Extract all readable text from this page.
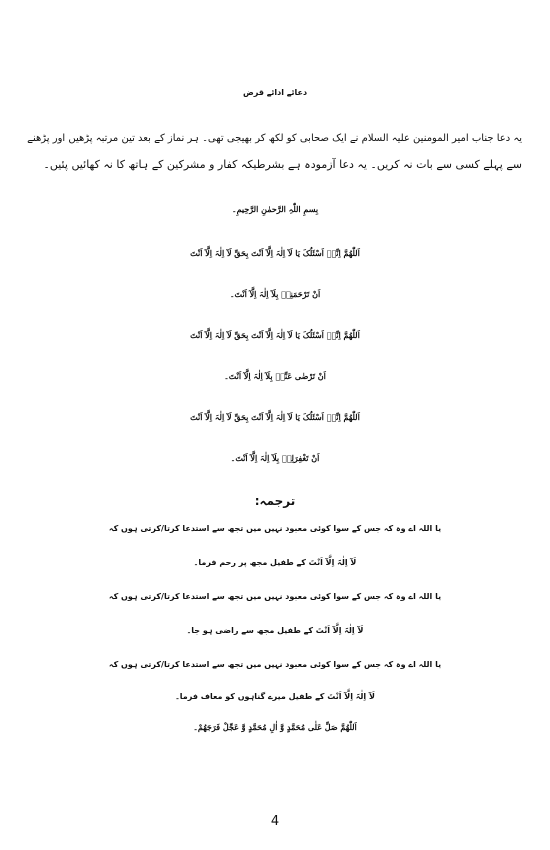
دعائے ادائے قرض
یہ دعا جناب امیر المومنین علیہ السلام نے ایک صحابی کو لکھ کر بھیجی تھی۔ ہر نماز کے بعد تین مرتبہ پڑھیں اور پڑھنے
سے پہلے کسی سے بات نہ کریں۔ یہ دعا آزمودہ ہے بشرطیکہ کفار و مشرکین کے ہاتھ کا نہ کھائیں پئیں۔
بِسمِ اللّٰہِ الرَّحمٰنِ الرَّحِیمِ۔
اَللّٰھُمَّ اِنِّیۡ اَسْئَلُکَ یَا لَآ اِلٰہَ اِلَّآ اَنْتَ بِحَقِّ لَآ اِلٰہَ اِلَّآ اَنْتَ
اَنْ تَرْحَمَنِیۡ بِلَآ اِلٰہَ اِلَّآ اَنْتَ۔
اَللّٰھُمَّ اِنِّیۡ اَسْئَلُکَ یَا لَآ اِلٰہَ اِلَّآ اَنْتَ بِحَقِّ لَآ اِلٰہَ اِلَّآ اَنْتَ
اَنْ تَرْضٰی عَنِّیۡ بِلَآ اِلٰہَ اِلَّآ اَنْتَ۔
اَللّٰھُمَّ اِنِّیۡ اَسْئَلُکَ یَا لَآ اِلٰہَ اِلَّآ اَنْتَ بِحَقِّ لَآ اِلٰہَ اِلَّآ اَنْتَ
اَنْ تَغْفِرَلِیۡ بِلَآ اِلٰہَ اِلَّآ اَنْتَ۔
ترجمہ:
یا اللہ اے وہ کہ جس کے سوا کوئی معبود نہیں میں تجھ سے استدعا کرتا/کرتی ہوں کہ
لَآ اِلٰہَ اِلَّآ اَنْتَ کے طفیل مجھ پر رحم فرما۔
یا اللہ اے وہ کہ جس کے سوا کوئی معبود نہیں میں تجھ سے استدعا کرتا/کرتی ہوں کہ
لَآ اِلٰہَ اِلَّآ اَنْتَ کے طفیل مجھ سے راضی ہو جا۔
یا اللہ اے وہ کہ جس کے سوا کوئی معبود نہیں میں تجھ سے استدعا کرتا/کرتی ہوں کہ
لَآ اِلٰہَ اِلَّآ اَنْتَ کے طفیل میرے گناہوں کو معاف فرما۔
اَللّٰھُمَّ صَلِّ عَلٰی مُحَمَّدٍ وَّ اٰلِ مُحَمَّدٍ وَّ عَجِّلْ فَرَجَھُمْ۔
4
